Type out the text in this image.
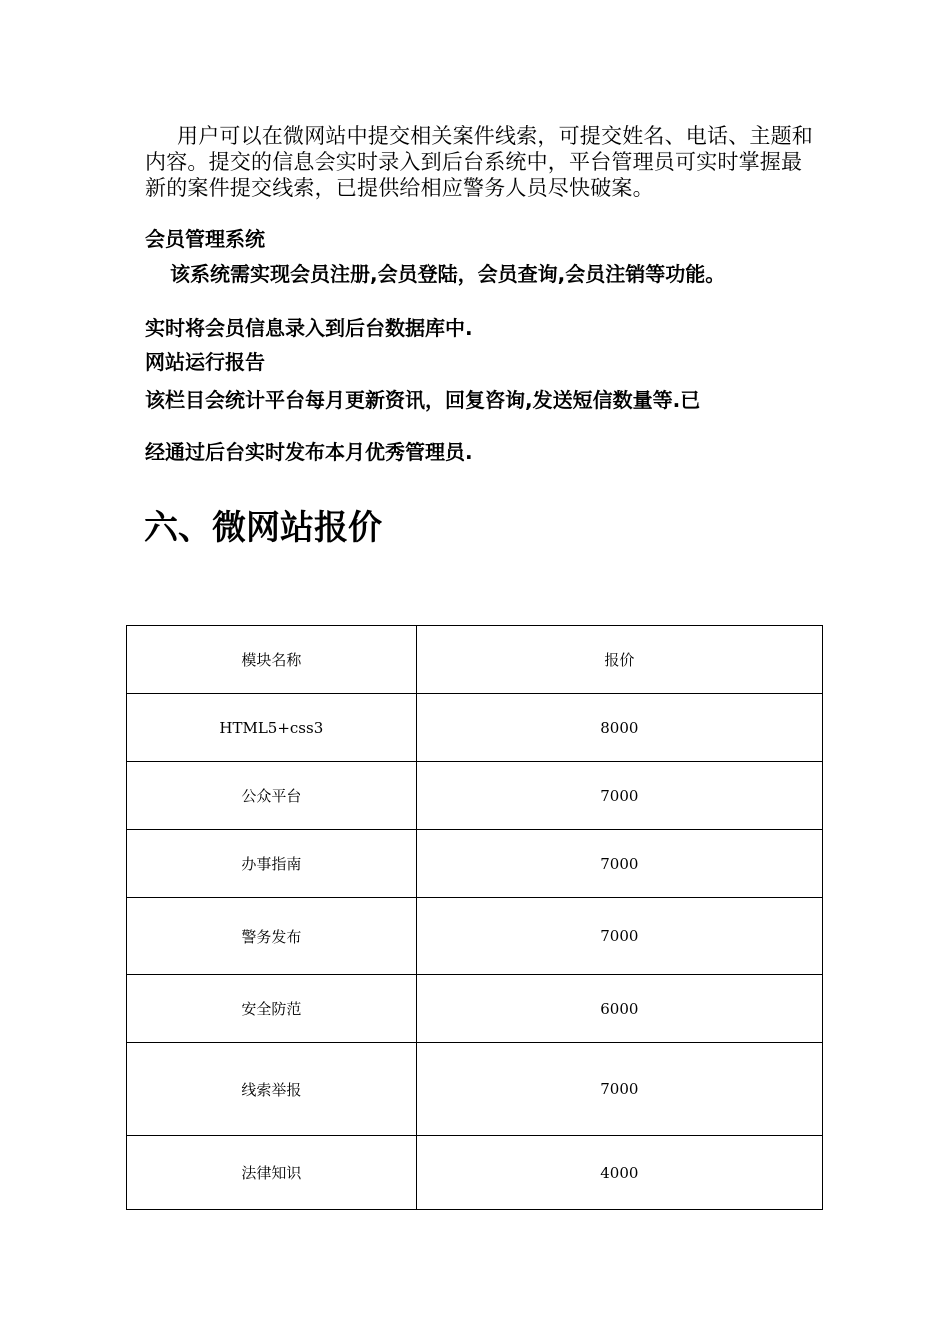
用户可以在微网站中提交相关案件线索，可提交姓名、电话、主题和内容。提交的信息会实时录入到后台系统中，平台管理员可实时掌握最新的案件提交线索，已提供给相应警务人员尽快破案。
会员管理系统
该系统需实现会员注册,会员登陆，会员查询,会员注销等功能。
实时将会员信息录入到后台数据库中.
网站运行报告
该栏目会统计平台每月更新资讯，回复咨询,发送短信数量等.已
经通过后台实时发布本月优秀管理员.
六、微网站报价
模块名称	报价
HTML5+css3	8000
公众平台	7000
办事指南	7000
警务发布	7000
安全防范	6000
线索举报	7000
法律知识	4000
